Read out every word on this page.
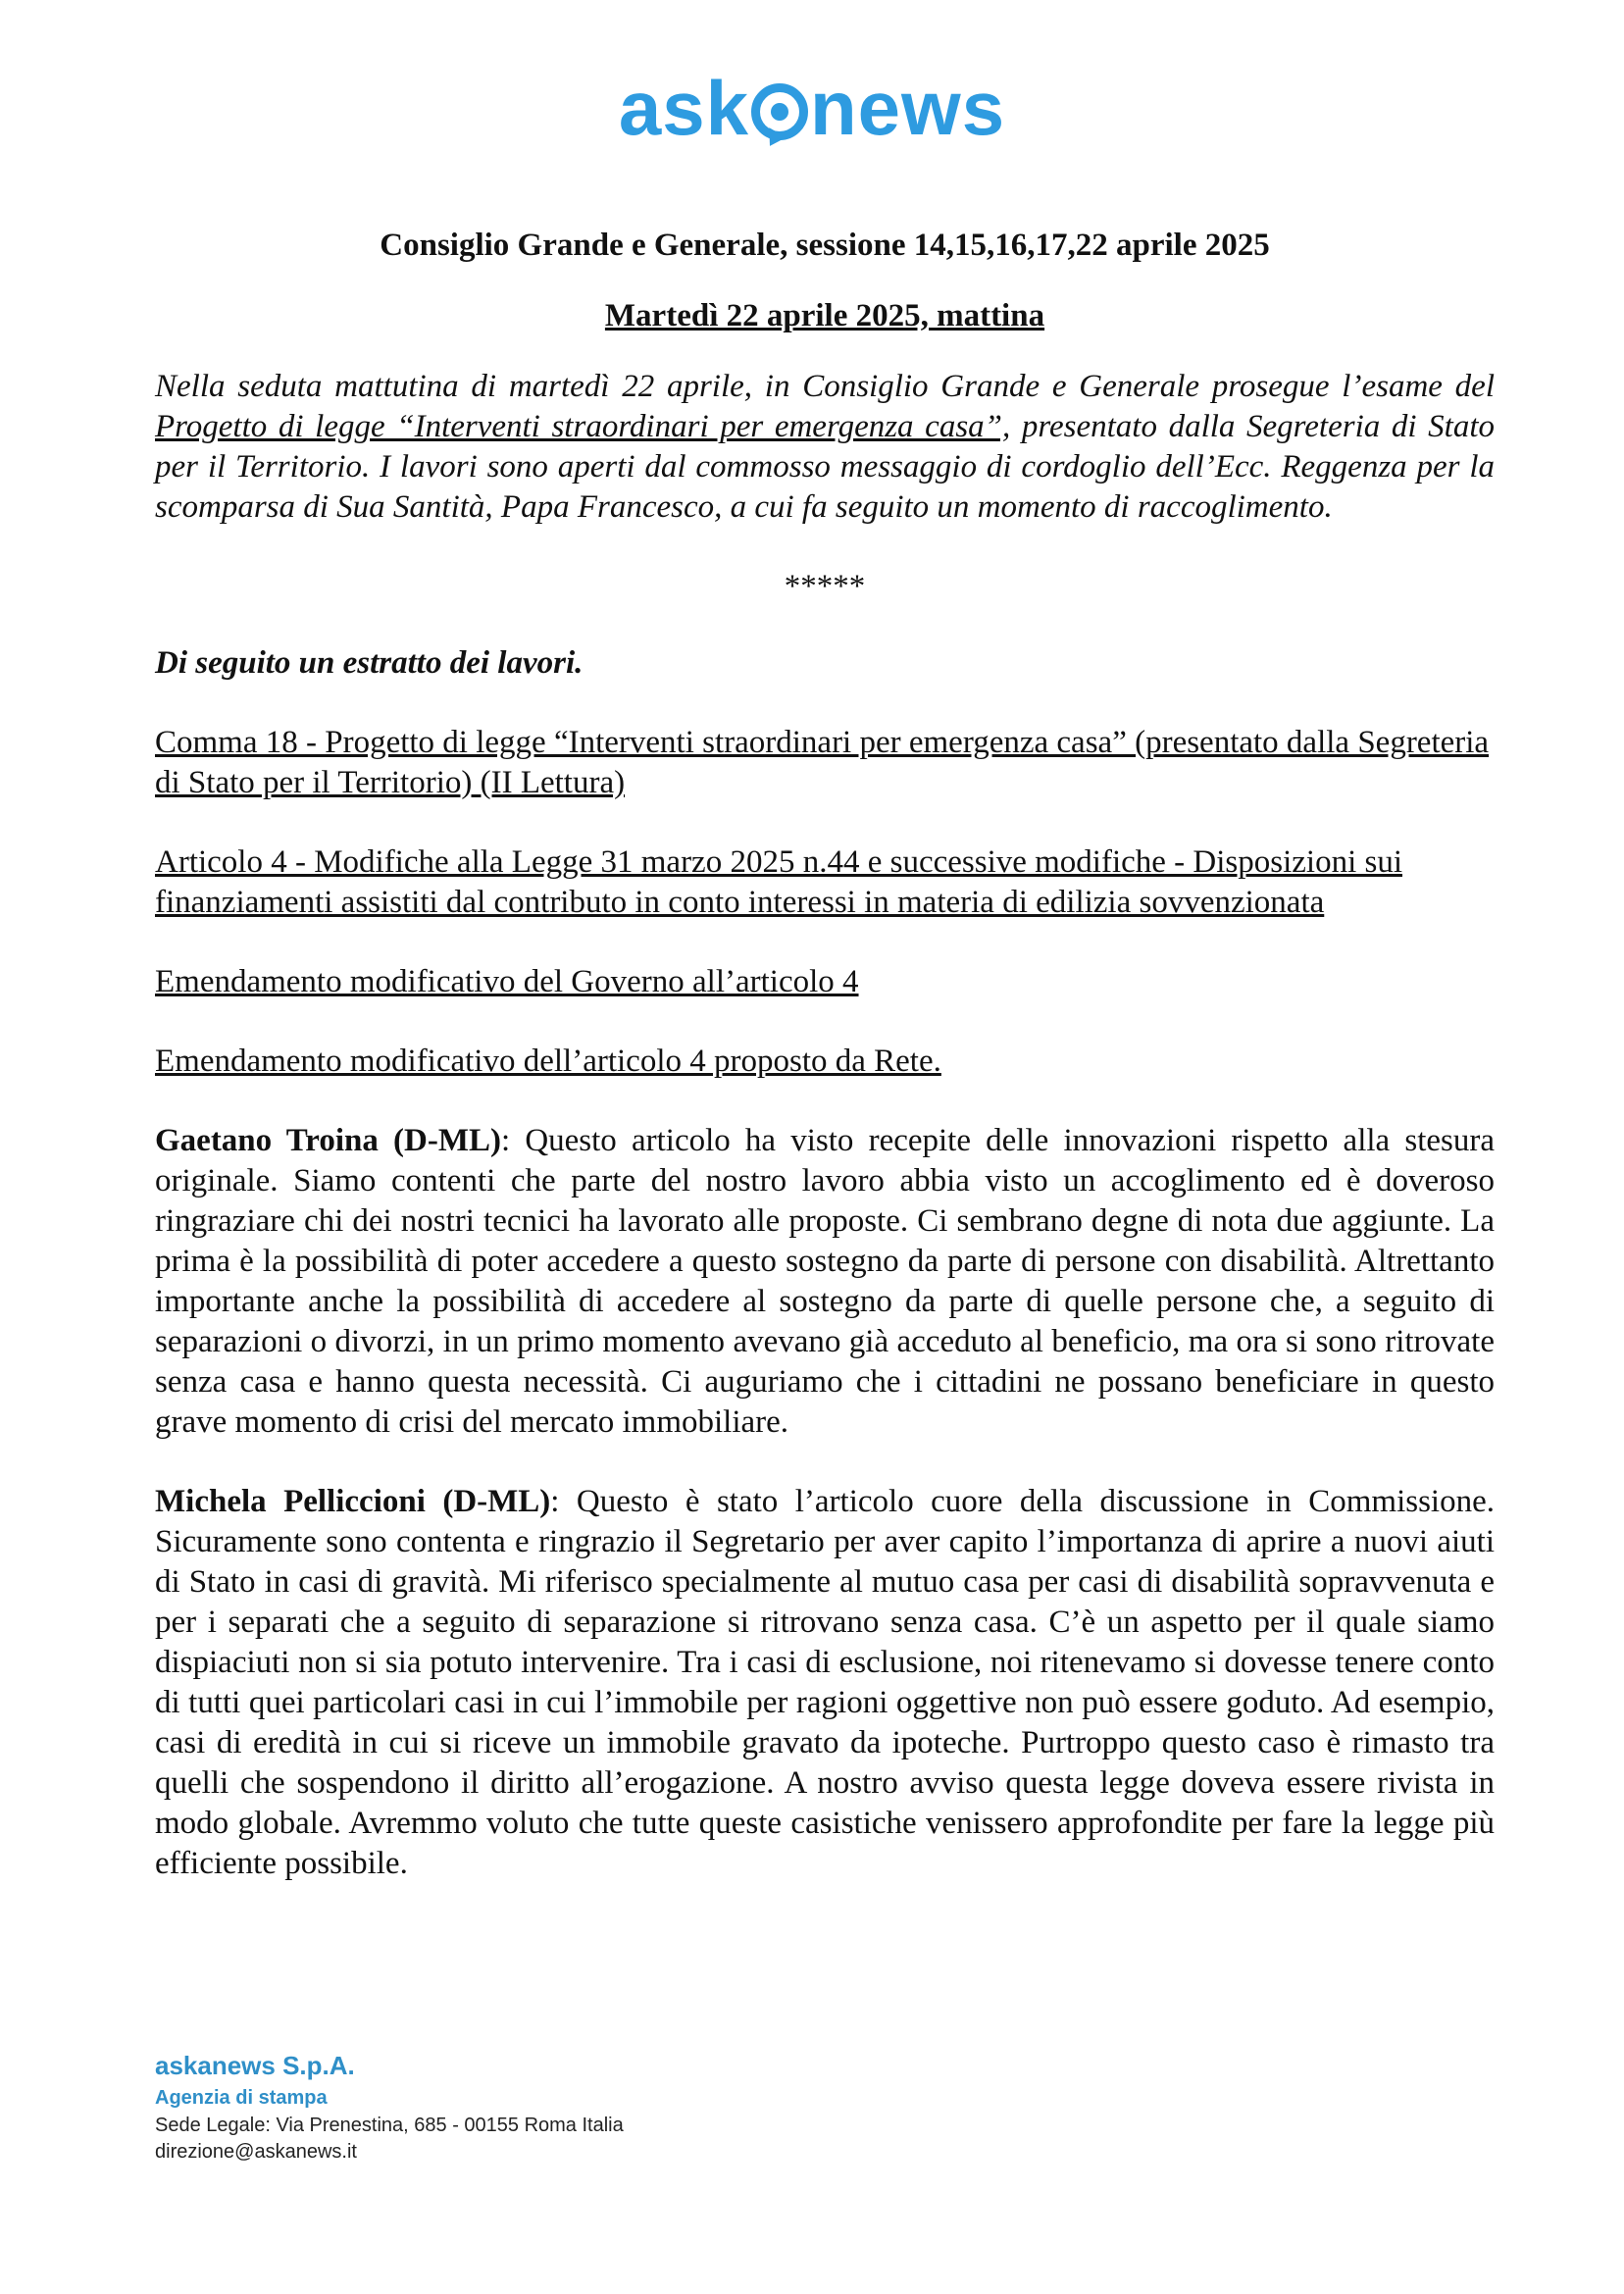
ask news

Consiglio Grande e Generale, sessione 14,15,16,17,22 aprile 2025

Martedì 22 aprile 2025, mattina

Nella seduta mattutina di martedì 22 aprile, in Consiglio Grande e Generale prosegue l’esame del Progetto di legge “Interventi straordinari per emergenza casa”, presentato dalla Segreteria di Stato per il Territorio. I lavori sono aperti dal commosso messaggio di cordoglio dell’Ecc. Reggenza per la scomparsa di Sua Santità, Papa Francesco, a cui fa seguito un momento di raccoglimento.

*****

Di seguito un estratto dei lavori.

Comma 18 - Progetto di legge “Interventi straordinari per emergenza casa” (presentato dalla Segreteria di Stato per il Territorio) (II Lettura)

Articolo 4 - Modifiche alla Legge 31 marzo 2025 n.44 e successive modifiche - Disposizioni sui finanziamenti assistiti dal contributo in conto interessi in materia di edilizia sovvenzionata

Emendamento modificativo del Governo all’articolo 4

Emendamento modificativo dell’articolo 4 proposto da Rete.

Gaetano Troina (D-ML): Questo articolo ha visto recepite delle innovazioni rispetto alla stesura originale. Siamo contenti che parte del nostro lavoro abbia visto un accoglimento ed è doveroso ringraziare chi dei nostri tecnici ha lavorato alle proposte. Ci sembrano degne di nota due aggiunte. La prima è la possibilità di poter accedere a questo sostegno da parte di persone con disabilità. Altrettanto importante anche la possibilità di accedere al sostegno da parte di quelle persone che, a seguito di separazioni o divorzi, in un primo momento avevano già acceduto al beneficio, ma ora si sono ritrovate senza casa e hanno questa necessità. Ci auguriamo che i cittadini ne possano beneficiare in questo grave momento di crisi del mercato immobiliare.

Michela Pelliccioni (D-ML): Questo è stato l’articolo cuore della discussione in Commissione. Sicuramente sono contenta e ringrazio il Segretario per aver capito l’importanza di aprire a nuovi aiuti di Stato in casi di gravità. Mi riferisco specialmente al mutuo casa per casi di disabilità sopravvenuta e per i separati che a seguito di separazione si ritrovano senza casa. C’è un aspetto per il quale siamo dispiaciuti non si sia potuto intervenire. Tra i casi di esclusione, noi ritenevamo si dovesse tenere conto di tutti quei particolari casi in cui l’immobile per ragioni oggettive non può essere goduto. Ad esempio, casi di eredità in cui si riceve un immobile gravato da ipoteche. Purtroppo questo caso è rimasto tra quelli che sospendono il diritto all’erogazione. A nostro avviso questa legge doveva essere rivista in modo globale. Avremmo voluto che tutte queste casistiche venissero approfondite per fare la legge più efficiente possibile.

askanews S.p.A.
Agenzia di stampa
Sede Legale: Via Prenestina, 685 - 00155 Roma Italia
direzione@askanews.it
